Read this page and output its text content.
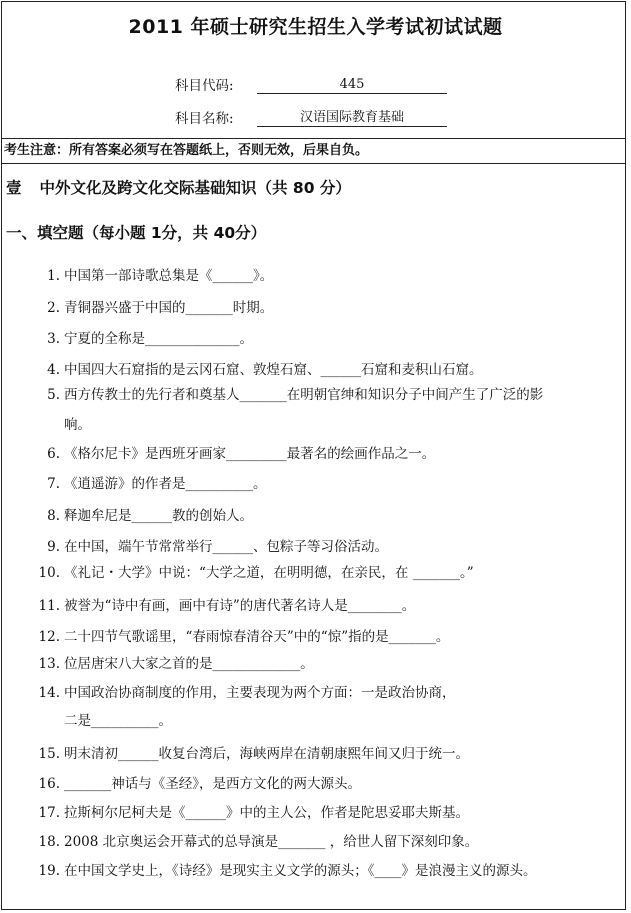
2011 年硕士研究生招生入学考试初试试题
科目代码:	445
科目名称:	汉语国际教育基础
考生注意：所有答案必须写在答题纸上，否则无效，后果自负。
壹 中外文化及跨文化交际基础知识（共 80 分）
一、填空题（每小题 1分，共 40分）
1. 中国第一部诗歌总集是《______》。
2. 青铜器兴盛于中国的_______时期。
3. 宁夏的全称是______________。
4. 中国四大石窟指的是云冈石窟、敦煌石窟、______石窟和麦积山石窟。
5. 西方传教士的先行者和奠基人_______在明朝官绅和知识分子中间产生了广泛的影
响。
6. 《格尔尼卡》是西班牙画家_________最著名的绘画作品之一。
7. 《逍遥游》的作者是__________。
8. 释迦牟尼是______教的创始人。
9. 在中国，端午节常常举行______、包粽子等习俗活动。
10. 《礼记・大学》中说：“大学之道，在明明德，在亲民，在 _______。”
11. 被誉为“诗中有画，画中有诗”的唐代著名诗人是________。
12. 二十四节气歌谣里，“春雨惊春清谷天”中的“惊”指的是_______。
13. 位居唐宋八大家之首的是_____________。
14. 中国政治协商制度的作用，主要表现为两个方面：一是政治协商，
二是__________。
15. 明末清初______收复台湾后，海峡两岸在清朝康熙年间又归于统一。
16. _______神话与《圣经》，是西方文化的两大源头。
17. 拉斯柯尔尼柯夫是《______》中的主人公，作者是陀思妥耶夫斯基。
18. 2008 北京奥运会开幕式的总导演是_______ ，给世人留下深刻印象。
19. 在中国文学史上，《诗经》是现实主义文学的源头；《____》是浪漫主义的源头。
